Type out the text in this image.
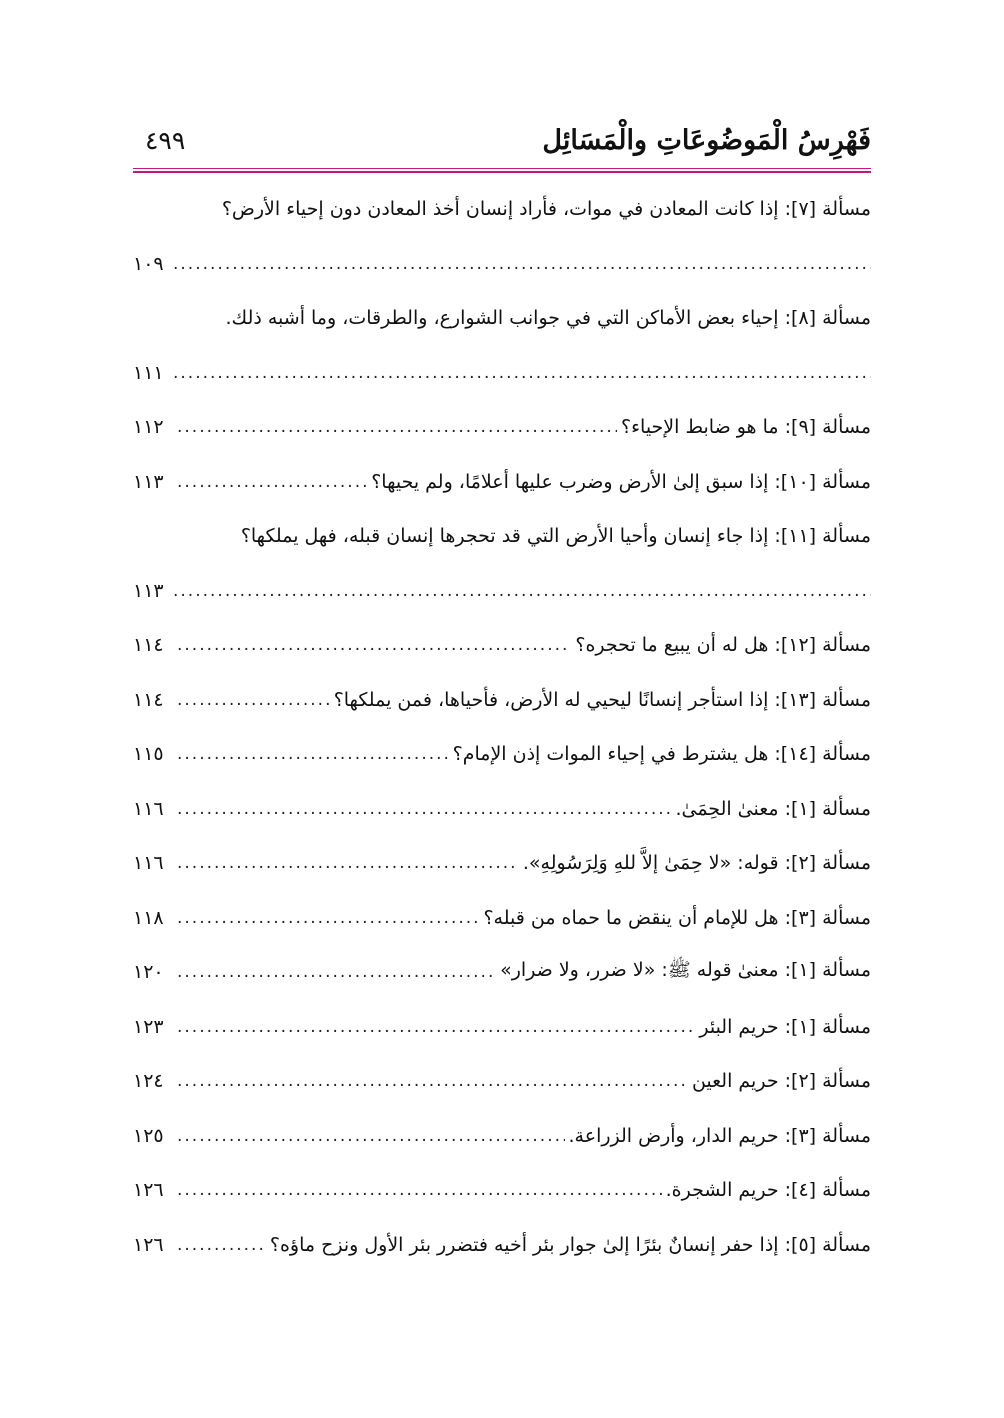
فَهْرِسُ الْمَوضُوعَاتِ والْمَسَائِل
٤٩٩
مسألة [٧]: إذا كانت المعادن في موات، فأراد إنسان أخذ المعادن دون إحياء الأرض؟
.....
١٠٩
مسألة [٨]: إحياء بعض الأماكن التي في جوانب الشوارع، والطرقات، وما أشبه ذلك.
.....
١١١
مسألة [٩]: ما هو ضابط الإحياء؟
.....
١١٢
مسألة [١٠]: إذا سبق إلىٰ الأرض وضرب عليها أعلامًا، ولم يحيها؟
.....
١١٣
مسألة [١١]: إذا جاء إنسان وأحيا الأرض التي قد تحجرها إنسان قبله، فهل يملكها؟
.....
١١٣
مسألة [١٢]: هل له أن يبيع ما تحجره؟
.....
١١٤
مسألة [١٣]: إذا استأجر إنسانًا ليحيي له الأرض، فأحياها، فمن يملكها؟
.....
١١٤
مسألة [١٤]: هل يشترط في إحياء الموات إذن الإمام؟
.....
١١٥
مسألة [١]: معنىٰ الحِمَىٰ.
.....
١١٦
مسألة [٢]: قوله: «لا حِمَىٰ إلاَّ للهِ وَلِرَسُولِهِ».
.....
١١٦
مسألة [٣]: هل للإمام أن ينقض ما حماه من قبله؟
.....
١١٨
مسألة [١]: معنىٰ قوله ﷺ: «لا ضرر، ولا ضرار»
.....
١٢٠
مسألة [١]: حريم البئر
.....
١٢٣
مسألة [٢]: حريم العين
.....
١٢٤
مسألة [٣]: حريم الدار، وأرض الزراعة.
.....
١٢٥
مسألة [٤]: حريم الشجرة.
.....
١٢٦
مسألة [٥]: إذا حفر إنسانٌ بئرًا إلىٰ جوار بئر أخيه فتضرر بئر الأول ونزح ماؤه؟
.....
١٢٦
